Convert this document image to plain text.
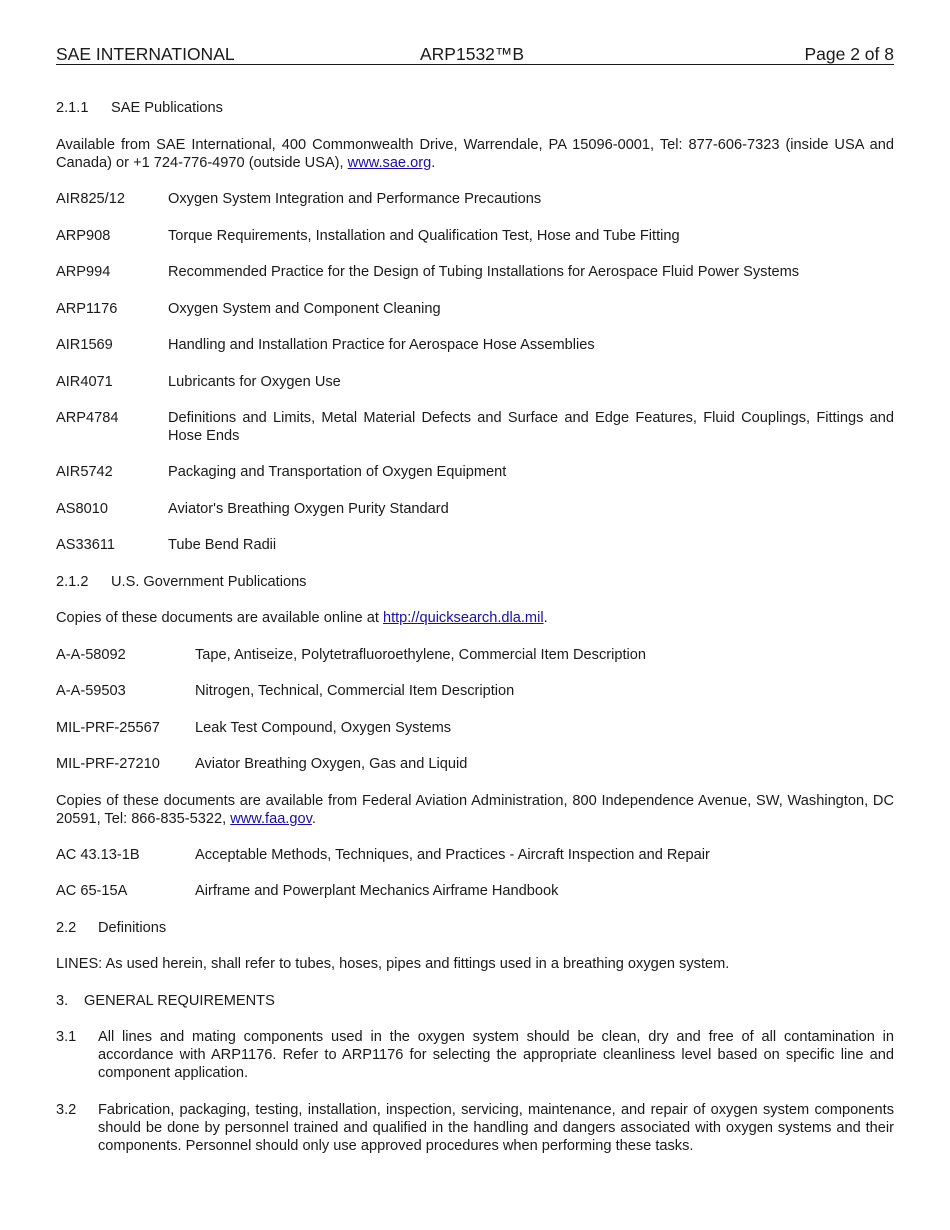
SAE INTERNATIONAL	ARP1532™B	Page 2 of 8
2.1.1 SAE Publications
Available from SAE International, 400 Commonwealth Drive, Warrendale, PA 15096-0001, Tel: 877-606-7323 (inside USA and Canada) or +1 724-776-4970 (outside USA), www.sae.org.
AIR825/12	Oxygen System Integration and Performance Precautions
ARP908	Torque Requirements, Installation and Qualification Test, Hose and Tube Fitting
ARP994	Recommended Practice for the Design of Tubing Installations for Aerospace Fluid Power Systems
ARP1176	Oxygen System and Component Cleaning
AIR1569	Handling and Installation Practice for Aerospace Hose Assemblies
AIR4071	Lubricants for Oxygen Use
ARP4784	Definitions and Limits, Metal Material Defects and Surface and Edge Features, Fluid Couplings, Fittings and Hose Ends
AIR5742	Packaging and Transportation of Oxygen Equipment
AS8010	Aviator's Breathing Oxygen Purity Standard
AS33611	Tube Bend Radii
2.1.2 U.S. Government Publications
Copies of these documents are available online at http://quicksearch.dla.mil.
A-A-58092	Tape, Antiseize, Polytetrafluoroethylene, Commercial Item Description
A-A-59503	Nitrogen, Technical, Commercial Item Description
MIL-PRF-25567 Leak Test Compound, Oxygen Systems
MIL-PRF-27210 Aviator Breathing Oxygen, Gas and Liquid
Copies of these documents are available from Federal Aviation Administration, 800 Independence Avenue, SW, Washington, DC 20591, Tel: 866-835-5322, www.faa.gov.
AC 43.13-1B	Acceptable Methods, Techniques, and Practices - Aircraft Inspection and Repair
AC 65-15A	Airframe and Powerplant Mechanics Airframe Handbook
2.2 Definitions
LINES: As used herein, shall refer to tubes, hoses, pipes and fittings used in a breathing oxygen system.
3. GENERAL REQUIREMENTS
3.1 All lines and mating components used in the oxygen system should be clean, dry and free of all contamination in accordance with ARP1176. Refer to ARP1176 for selecting the appropriate cleanliness level based on specific line and component application.
3.2 Fabrication, packaging, testing, installation, inspection, servicing, maintenance, and repair of oxygen system components should be done by personnel trained and qualified in the handling and dangers associated with oxygen systems and their components. Personnel should only use approved procedures when performing these tasks.
